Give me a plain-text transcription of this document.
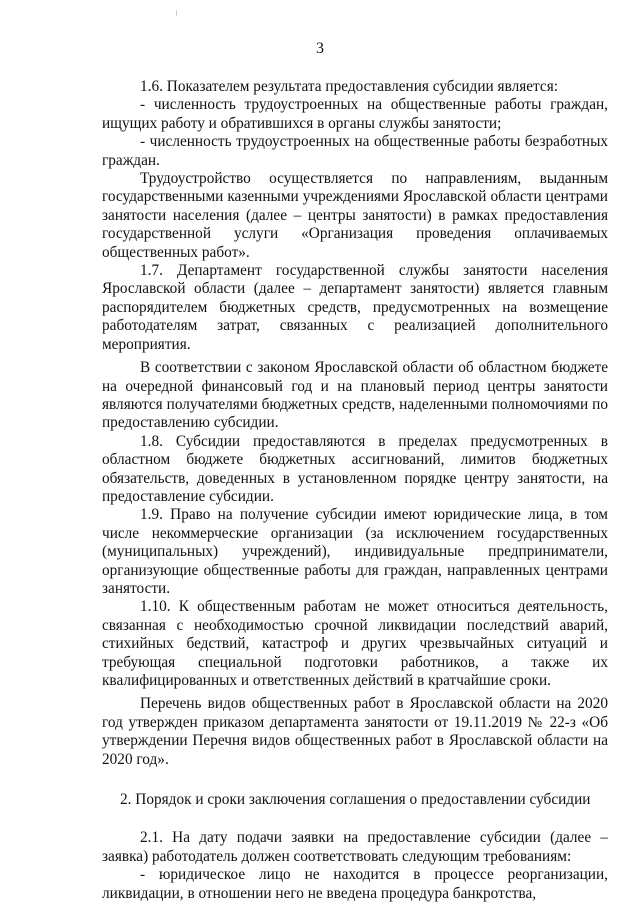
3

1.6. Показателем результата предоставления субсидии является:

- численность трудоустроенных на общественные работы граждан, ищущих работу и обратившихся в органы службы занятости;

- численность трудоустроенных на общественные работы безработных граждан.

Трудоустройство осуществляется по направлениям, выданным государственными казенными учреждениями Ярославской области центрами занятости населения (далее – центры занятости) в рамках предоставления государственной услуги «Организация проведения оплачиваемых общественных работ».

1.7. Департамент государственной службы занятости населения Ярославской области (далее – департамент занятости) является главным распорядителем бюджетных средств, предусмотренных на возмещение работодателям затрат, связанных с реализацией дополнительного мероприятия.

В соответствии с законом Ярославской области об областном бюджете на очередной финансовый год и на плановый период центры занятости являются получателями бюджетных средств, наделенными полномочиями по предоставлению субсидии.

1.8. Субсидии предоставляются в пределах предусмотренных в областном бюджете бюджетных ассигнований, лимитов бюджетных обязательств, доведенных в установленном порядке центру занятости, на предоставление субсидии.

1.9. Право на получение субсидии имеют юридические лица, в том числе некоммерческие организации (за исключением государственных (муниципальных) учреждений), индивидуальные предприниматели, организующие общественные работы для граждан, направленных центрами занятости.

1.10. К общественным работам не может относиться деятельность, связанная с необходимостью срочной ликвидации последствий аварий, стихийных бедствий, катастроф и других чрезвычайных ситуаций и требующая специальной подготовки работников, а также их квалифицированных и ответственных действий в кратчайшие сроки.

Перечень видов общественных работ в Ярославской области на 2020 год утвержден приказом департамента занятости от 19.11.2019 № 22-з «Об утверждении Перечня видов общественных работ в Ярославской области на 2020 год».

2. Порядок и сроки заключения соглашения о предоставлении субсидии

2.1. На дату подачи заявки на предоставление субсидии (далее – заявка) работодатель должен соответствовать следующим требованиям:

- юридическое лицо не находится в процессе реорганизации, ликвидации, в отношении него не введена процедура банкротства,
